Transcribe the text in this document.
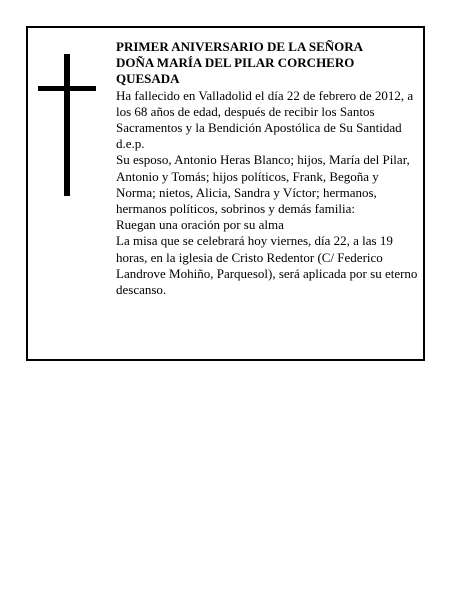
PRIMER ANIVERSARIO DE LA SEÑORA

DOÑA MARÍA DEL PILAR CORCHERO

QUESADA

Ha fallecido en Valladolid el día 22 de febrero de 2012, a los 68 años de edad, después de recibir los Santos Sacramentos y la Bendición Apostólica de Su Santidad

d.e.p.

Su esposo, Antonio Heras Blanco; hijos, María del Pilar, Antonio y Tomás; hijos políticos, Frank, Begoña y Norma; nietos, Alicia, Sandra y Víctor; hermanos, hermanos políticos, sobrinos y demás familia:

Ruegan una oración por su alma

La misa que se celebrará hoy viernes, día 22, a las 19 horas, en la iglesia de Cristo Redentor (C/ Federico Landrove Mohiño, Parquesol), será aplicada por su eterno descanso.
